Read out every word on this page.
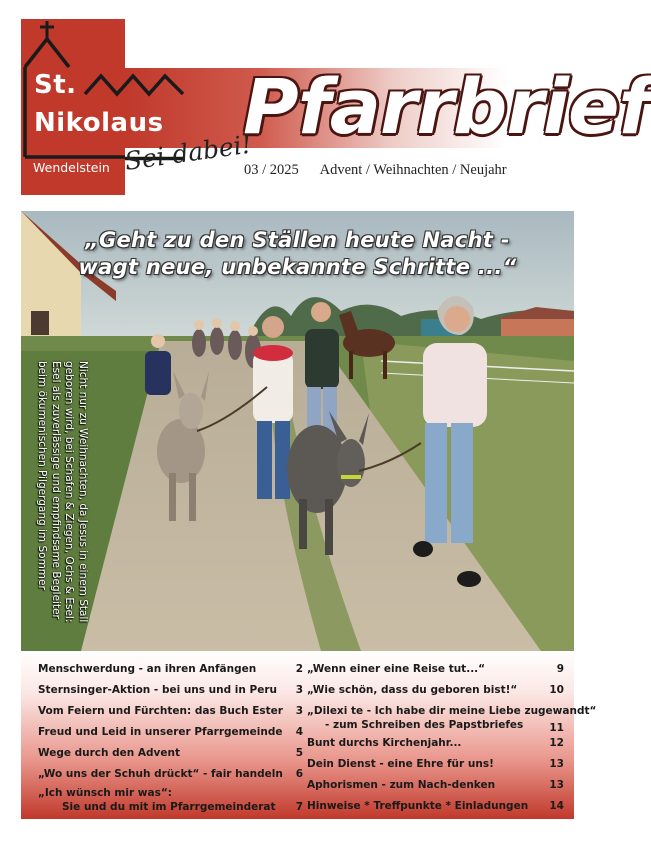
St.
Nikolaus
Wendelstein
Pfarrbrief
Sei dabei!
03 / 2025 Advent / Weihnachten / Neujahr
„Geht zu den Ställen heute Nacht -
wagt neue, unbekannte Schritte ...“
Nicht nur zu Weihnachten, da Jesus in einem Stall geboren wird, bei Schafen & Ziegen, Ochs & Esel: Esel als zuverlässige und empfindsame Begleiter beim ökumenischen Pilgergang im Sommer
Menschwerdung - an ihren Anfängen	2
Sternsinger-Aktion - bei uns und in Peru 3
Vom Feiern und Fürchten: das Buch Ester 3
Freud und Leid in unserer Pfarrgemeinde 4
Wege durch den Advent	5
„Wo uns der Schuh drückt“ - fair handeln 6
„Ich wünsch mir was“:
Sie und du mit im Pfarrgemeinderat 7
„Wenn einer eine Reise tut...“	9
„Wie schön, dass du geboren bist!“	10
„Dilexi te - Ich habe dir meine Liebe zugewandt“
- zum Schreiben des Papstbriefes 11
Bunt durchs Kirchenjahr...	12
Dein Dienst - eine Ehre für uns!	13
Aphorismen - zum Nach-denken	13
Hinweise * Treffpunkte * Einladungen 14
